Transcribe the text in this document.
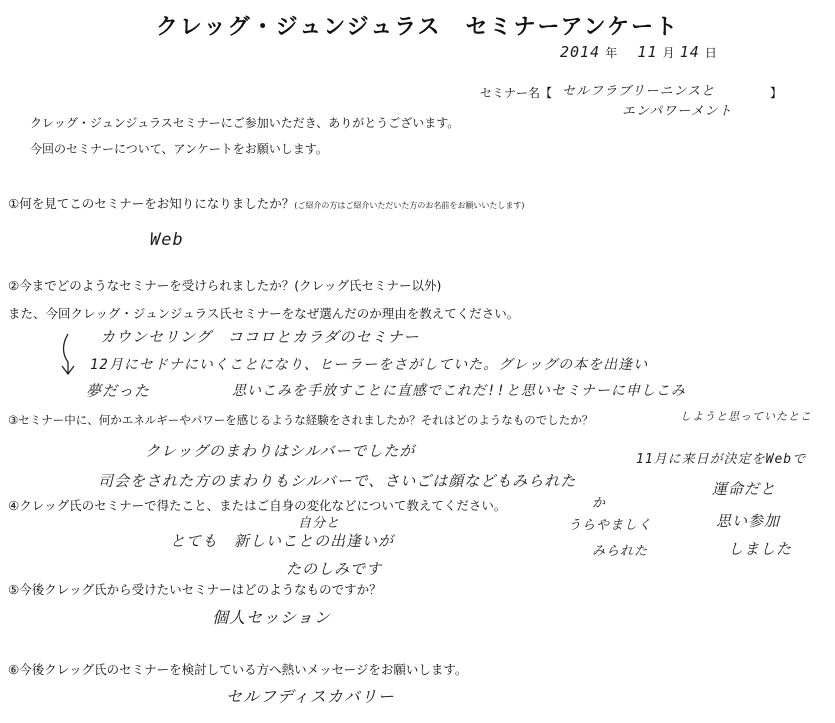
クレッグ・ジュンジュラス　セミナーアンケート
2014 年 11 月 14 日
セミナー名【 セルフラブリーニンスと	】
エンパワーメント
クレッグ・ジュンジュラスセミナーにご参加いただき、ありがとうございます。
今回のセミナーについて、アンケートをお願いします。
①何を見てこのセミナーをお知りになりましたか？(ご紹介の方はご紹介いただいた方のお名前をお願いいたします)
Web
②今までどのようなセミナーを受けられましたか？(クレッグ氏セミナー以外)
また、今回クレッグ・ジュンジュラス氏セミナーをなぜ選んだのか理由を教えてください。
カウンセリング　ココロとカラダのセミナー
12月にセドナにいくことになり、ヒーラーをさがしていた。グレッグの本を出逢い
夢だった	思いこみを手放すことに直感でこれだ!!と思いセミナーに申しこみ
③セミナー中に、何かエネルギーやパワーを感じるような経験をされましたか？それはどのようなものでしたか？	しようと思っていたとこ
クレッグのまわりはシルバーでしたが	11月に来日が決定をWebで
司会をされた方のまわりもシルバーで、さいごは顔などもみられた	運命だと
④クレッグ氏のセミナーで得たこと、またはご自身の変化などについて教えてください。	か
思い参加
うらやましく
自分と
とても　新しいことの出逢いが
みられた	しました
たのしみです
⑤今後クレッグ氏から受けたいセミナーはどのようなものですか？
個人セッション
⑥今後クレッグ氏のセミナーを検討している方へ熱いメッセージをお願いします。
セルフディスカバリー
